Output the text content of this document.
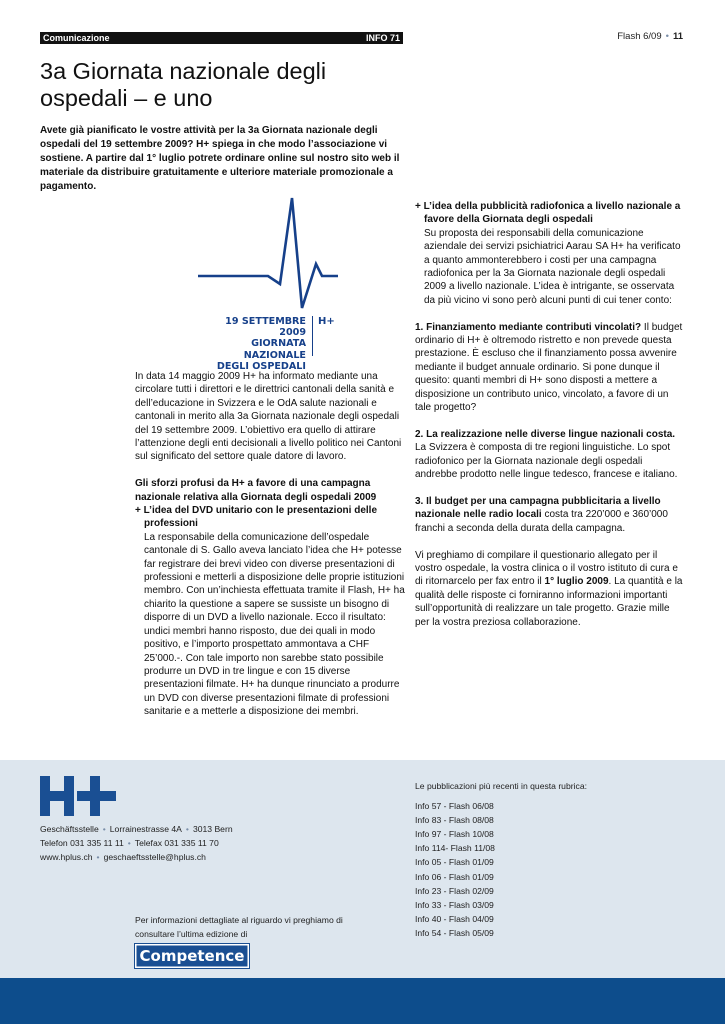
Comunicazione	INFO 71	Flash 6/09 • 11
3a Giornata nazionale degli
ospedali – e uno
Avete già pianificato le vostre attività per la 3a Giornata nazionale degli ospedali del 19 settembre 2009? H+ spiega in che modo l’associazione vi sostiene. A partire dal 1° luglio potrete ordinare online sul nostro sito web il materiale da distribuire gratuitamente e ulteriore materiale promozionale a pagamento.
19 SETTEMBRE 2009
GIORNATA NAZIONALE
DEGLI OSPEDALI
H+

In data 14 maggio 2009 H+ ha informato mediante una circolare tutti i direttori e le direttrici cantonali della sanità e dell’educazione in Svizzera e le OdA salute nazionali e cantonali in merito alla 3a Giornata nazionale degli ospedali del 19 settembre 2009. L’obiettivo era quello di attirare l’attenzione degli enti decisionali a livello politico nei Cantoni sul significato del settore quale datore di lavoro.

Gli sforzi profusi da H+ a favore di una campagna nazionale relativa alla Giornata degli ospedali 2009
+ L’idea del DVD unitario con le presentazioni delle professioni
La responsabile della comunicazione dell’ospedale cantonale di S. Gallo aveva lanciato l’idea che H+ potesse far registrare dei brevi video con diverse presentazioni di professioni e metterli a disposizione delle proprie istituzioni membro. Con un’inchiesta effettuata tramite il Flash, H+ ha chiarito la questione a sapere se sussiste un bisogno di disporre di un DVD a livello nazionale. Ecco il risultato: undici membri hanno risposto, due dei quali in modo positivo, e l’importo prospettato ammontava a CHF 25’000.-. Con tale importo non sarebbe stato possibile produrre un DVD in tre lingue e con 15 diverse presentazioni filmate. H+ ha dunque rinunciato a produrre un DVD con diverse presentazioni filmate di professioni sanitarie e a metterle a disposizione dei membri.
+ L’idea della pubblicità radiofonica a livello nazionale a favore della Giornata degli ospedali

Su proposta dei responsabili della comunicazione aziendale dei servizi psichiatrici Aarau SA H+ ha verificato a quanto ammonterebbero i costi per una campagna radiofonica per la 3a Giornata nazionale degli ospedali 2009 a livello nazionale. L’idea è intrigante, se osservata da più vicino vi sono però alcuni punti di cui tener conto:

1. Finanziamento mediante contributi vincolati? Il budget ordinario di H+ è oltremodo ristretto e non prevede questa prestazione. È escluso che il finanziamento possa avvenire mediante il budget annuale ordinario. Si pone dunque il quesito: quanti membri di H+ sono disposti a mettere a disposizione un contributo unico, vincolato, a favore di un tale progetto?

2. La realizzazione nelle diverse lingue nazionali costa. La Svizzera è composta di tre regioni linguistiche. Lo spot radiofonico per la Giornata nazionale degli ospedali andrebbe prodotto nelle lingue tedesco, francese e italiano.

3. Il budget per una campagna pubblicitaria a livello nazionale nelle radio locali costa tra 220’000 e 360’000 franchi a seconda della durata della campagna.

Vi preghiamo di compilare il questionario allegato per il vostro ospedale, la vostra clinica o il vostro istituto di cura e di ritornarcelo per fax entro il 1° luglio 2009. La quantità e la qualità delle risposte ci forniranno informazioni importanti sull’opportunità di realizzare un tale progetto. Grazie mille per la vostra preziosa collaborazione.

Geschäftsstelle • Lorrainestrasse 4A • 3013 Bern
Telefon 031 335 11 11 • Telefax 031 335 11 70
www.hplus.ch • geschaeftsstelle@hplus.ch
Per informazioni dettagliate al riguardo vi preghiamo di consultare l’ultima edizione di
Competence
Le pubblicazioni più recenti in questa rubrica:
Info 57 - Flash 06/08
Info 83 - Flash 08/08
Info 97 - Flash 10/08
Info 114- Flash 11/08
Info 05 - Flash 01/09
Info 06 - Flash 01/09
Info 23 - Flash 02/09
Info 33 - Flash 03/09
Info 40 - Flash 04/09
Info 54 - Flash 05/09
